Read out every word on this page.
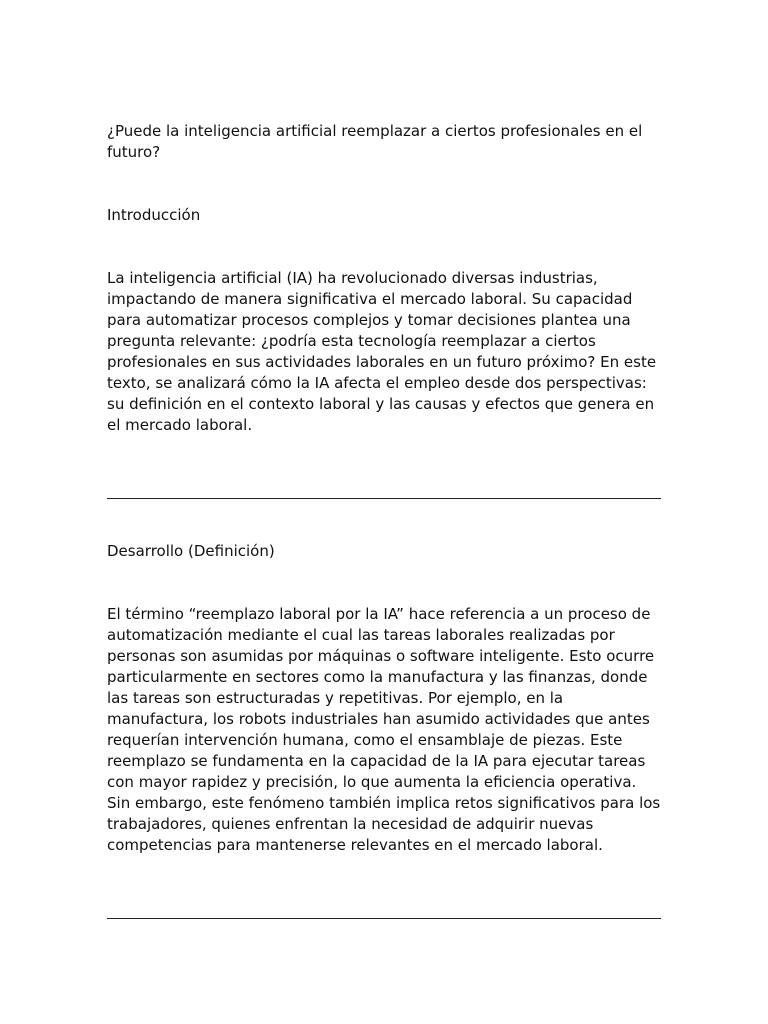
¿Puede la inteligencia artificial reemplazar a ciertos profesionales en el futuro?

Introducción

La inteligencia artificial (IA) ha revolucionado diversas industrias, impactando de manera significativa el mercado laboral. Su capacidad para automatizar procesos complejos y tomar decisiones plantea una pregunta relevante: ¿podría esta tecnología reemplazar a ciertos profesionales en sus actividades laborales en un futuro próximo? En este texto, se analizará cómo la IA afecta el empleo desde dos perspectivas: su definición en el contexto laboral y las causas y efectos que genera en el mercado laboral.

Desarrollo (Definición)

El término “reemplazo laboral por la IA” hace referencia a un proceso de automatización mediante el cual las tareas laborales realizadas por personas son asumidas por máquinas o software inteligente. Esto ocurre particularmente en sectores como la manufactura y las finanzas, donde las tareas son estructuradas y repetitivas. Por ejemplo, en la manufactura, los robots industriales han asumido actividades que antes requerían intervención humana, como el ensamblaje de piezas. Este reemplazo se fundamenta en la capacidad de la IA para ejecutar tareas con mayor rapidez y precisión, lo que aumenta la eficiencia operativa. Sin embargo, este fenómeno también implica retos significativos para los trabajadores, quienes enfrentan la necesidad de adquirir nuevas competencias para mantenerse relevantes en el mercado laboral.
